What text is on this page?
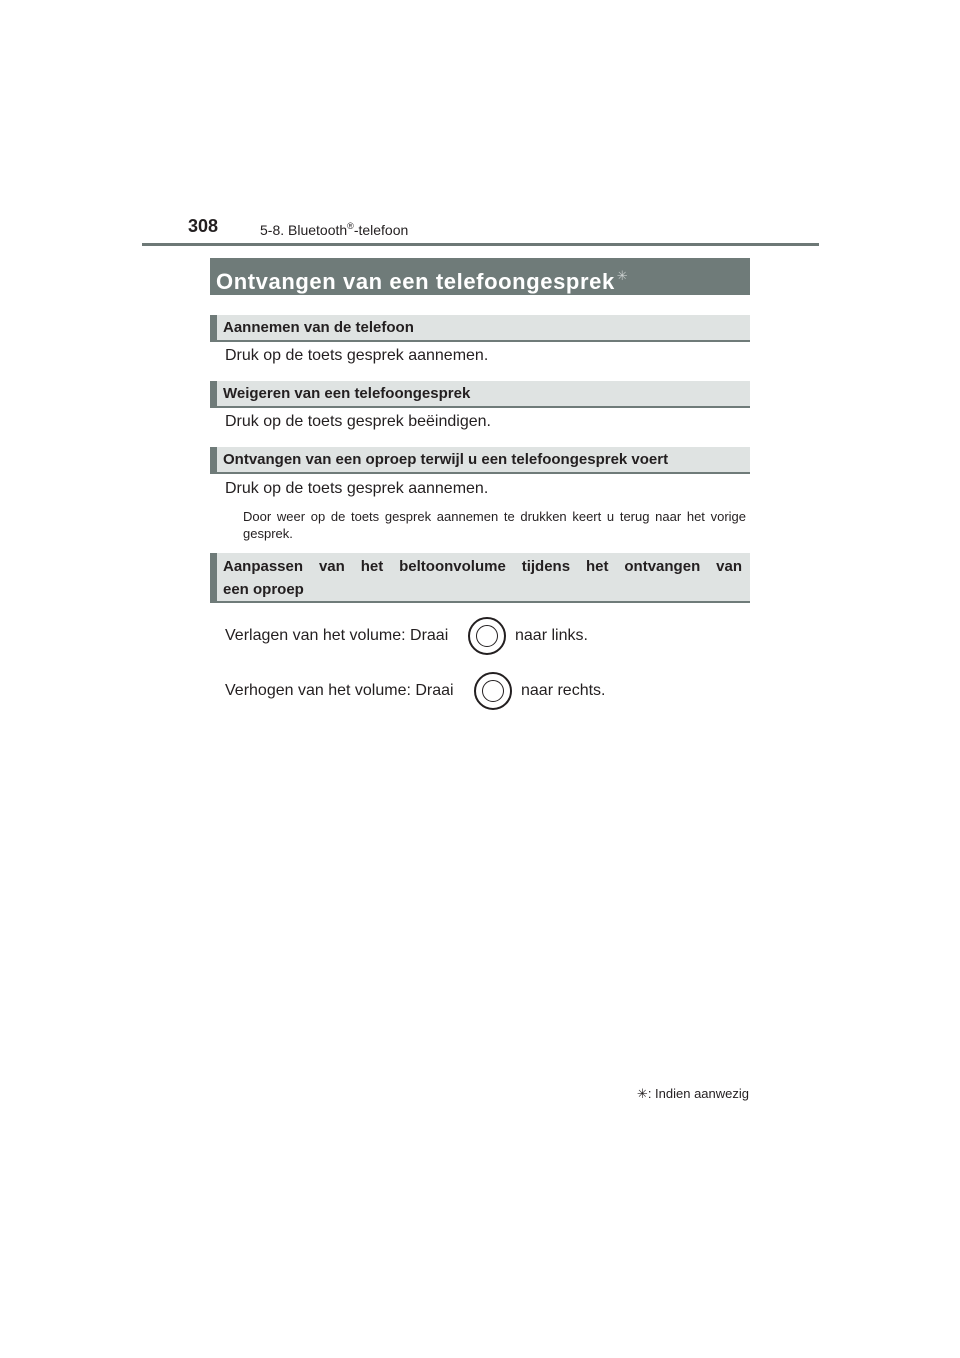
308	5-8. Bluetooth®-telefoon
Ontvangen van een telefoongesprek ✳
Aannemen van de telefoon
Druk op de toets gesprek aannemen.
Weigeren van een telefoongesprek
Druk op de toets gesprek beëindigen.
Ontvangen van een oproep terwijl u een telefoongesprek voert
Druk op de toets gesprek aannemen.
Door weer op de toets gesprek aannemen te drukken keert u terug naar het vorige gesprek.
Aanpassen van het beltoonvolume tijdens het ontvangen van
een oproep
Verlagen van het volume: Draai	naar links.
Verhogen van het volume: Draai	naar rechts.
✳: Indien aanwezig
